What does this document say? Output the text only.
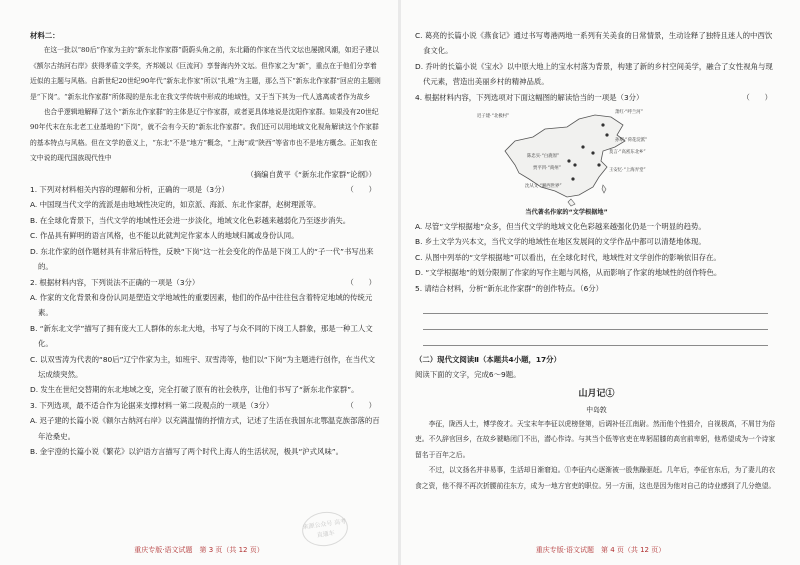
材料二：

在这一批以“80后”作家为主的“新东北作家群”蔚蔚头角之前，东北籍的作家在当代文坛也屡掀风潮，如迟子建以《额尔古纳河右岸》获得茅盾文学奖，齐邦媛以《巨流河》享誉海内外文坛。但作家之为“新”，重点在于他们分享着近似的主题与风格。自新世纪20世纪90年代“新东北作家”所以“扎堆”为主题，那么当下“新东北作家群”回应的主题则是“下岗”。“新东北作家群”所体现的是东北在我文学传统中形成的地域性，又于当下其为一代人逃离或者作为故乡

也合乎逻辑地解释了这个“新东北作家群”的主体是辽宁作家群，或者更具体地说是沈阳作家群。如果没有20世纪90年代末在东北老工业基地的“下岗”，就不会有今天的“新东北作家群”。我们还可以用地域文化视角解读这个作家群的基本特点与风格。但在文学的意义上，“东北”不是“地方”概念，“上海”或“陕西”等省市也不是地方概念。正如我在文中说的现代国族现代性中

（摘编自黄平《“新东北作家群”论纲》）
1. 下列对材料相关内容的理解和分析，正确的一项是（3分）	（　　）
A. 中国现当代文学的流派是由地域性决定的，如京派、海派、东北作家群，赵树理派等。
B. 在全球化背景下，当代文学的地域性还会进一步淡化，地域文化色彩越来越弱化乃至逐步消失。
C. 作品具有鲜明的语言风格，也不能以此就判定作家本人的地域归属或身份认同。
D. 东北作家的创作题材具有非常后特性，反映“下岗”这一社会变化的作品是下岗工人的“子一代”书写出来的。
2. 根据材料内容，下列说法不正确的一项是（3分）	（　　）
A. 作家的文化背景和身份认同是塑造文学地域性的重要因素，他们的作品中往往包含着特定地域的传统元素。
B. “新东北文学”描写了拥有庞大工人群体的东北大地，书写了与众不同的下岗工人群象，那是一种工人文化。
C. 以双雪涛为代表的“80后”辽宁作家为主，如班宇、双雪涛等，他们以“下岗”为主题进行创作，在当代文坛成绩突然。
D. 发生在世纪交替期的东北地域之变，完全打破了原有的社会秩序，让他们书写了“新东北作家群”。
3. 下列选项，最不适合作为论据来支撑材料一第二段观点的一项是（3分）	（　　）
A. 迟子建的长篇小说《额尔古纳河右岸》以充满温情的抒情方式，记述了生活在我国东北鄂温克族部落的百年沧桑史。
B. 金宇澄的长篇小说《繁花》以沪语方言描写了两个时代上海人的生活状况，极具“沪式风味”。
来源公众号 高考直通车
重庆专版·语文试题　第 3 页（共 12 页）
C. 葛亮的长篇小说《燕食记》通过书写粤港两地一系列有关美食的日常情景，生动诠释了独特且迷人的中西饮食文化。
D. 乔叶的长篇小说《宝水》以中原大地上的宝水村落为背景，构建了新的乡村空间美学，融合了女性视角与现代元素，营造出美丽乡村的精神品质。
4. 根据材料内容，下列选项对下面这幅图的解读恰当的一项是（3分）	（　　）
迟子建·“北极村”
萧红·“呼兰河”
孙犁·“荷花淀派”
莫言·“高密东北乡”
陈忠实·“白鹿原”
贾平凹·“商州”	王安忆·“上海弄堂”
沈从文·“湘西世界”
当代著名作家的“文学根据地”
A. 尽管“文学根据地”众多，但当代文学的地域文化色彩越来越强化仍是一个明显的趋势。
B. 乡土文学为兴本文，当代文学的地域性在地区发展间的文学作品中都可以清楚地体现。
C. 从图中列举的“文学根据地”可以看出，在全球化时代，地域性对文学创作的影响依旧存在。
D. “文学根据地”的划分限制了作家的写作主题与风格，从而影响了作家的地域性的创作特色。
5. 请结合材料，分析“新东北作家群”的创作特点。（6分）
（二）现代文阅读Ⅱ（本题共4小题，17分）
阅读下面的文字，完成6～9题。
山月记①
中岛敦

李征，陇西人士，博学俊才。天宝末年李征以虎榜登第，后调补任江南尉。然而他个性狷介，自视极高，不屑甘为俗吏。不久辞官回乡，在故乡虢略闭门不出，潜心作诗。与其当个低等官吏在卑躬屈膝的高官前卑躬，他希望成为一个诗家留名于百年之后。

不过，以文扬名并非易事，生活却日渐窘迫。①李征内心逐渐被一股焦躁驱赶。几年后，李征官东后，为了妻儿的衣食之资，他不得不再次折腰前往东方，成为一地方官吏的职位。另一方面，这也是因为他对自己的诗业感到了几分绝望。

重庆专版·语文试题　第 4 页（共 12 页）
